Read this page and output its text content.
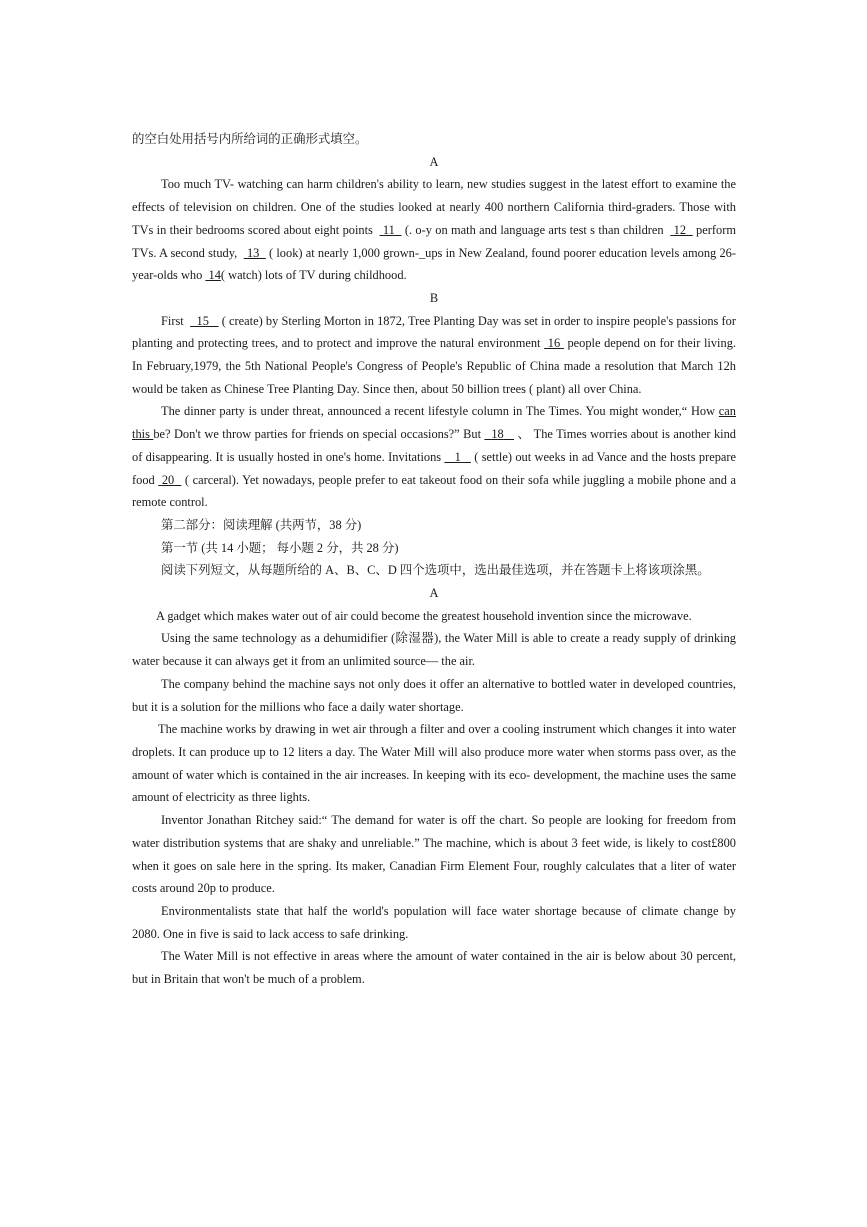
的空白处用括号内所给词的正确形式填空。

A

Too much TV- watching can harm children's ability to learn, new studies suggest in the latest effort to examine the effects of television on children. One of the studies looked at nearly 400 northern California third-graders. Those with TVs in their bedrooms scored about eight points   11   (. o-y on math and language arts test s than children   12   perform TVs. A second study,   13   ( look) at nearly 1,000 grown-_ups in New Zealand, found poorer education levels among 26- year-olds who  14( watch) lots of TV during childhood.

B

First    15    ( create) by Sterling Morton in 1872, Tree Planting Day was set in order to inspire people's passions for planting and protecting trees, and to protect and improve the natural environment  16  people depend on for their living. In February,1979, the 5th National People's Congress of People's Republic of China made a resolution that March 12h would be taken as Chinese Tree Planting Day. Since then, about 50 billion trees ( plant) all over China.

The dinner party is under threat, announced a recent lifestyle column in The Times. You might wonder,“ How can this be? Don't we throw parties for friends on special occasions?” But   18    、 The Times worries about is another kind of disappearing. It is usually hosted in one's home. Invitations    1    ( settle) out weeks in ad Vance and the hosts prepare food  20   ( carceral). Yet nowadays, people prefer to eat takeout food on their sofa while juggling a mobile phone and a remote control.

第二部分：阅读理解 (共两节，38 分)

第一节 (共 14 小题； 每小题 2 分，共 28 分)

阅读下列短文，从每题所给的 A、B、C、D 四个选项中，选出最佳选项，并在答题卡上将该项涂黑。

A

A gadget which makes water out of air could become the greatest household invention since the microwave.

Using the same technology as a dehumidifier (除湿器), the Water Mill is able to create a ready supply of drinking water because it can always get it from an unlimited source— the air.

The company behind the machine says not only does it offer an alternative to bottled water in developed countries, but it is a solution for the millions who face a daily water shortage.

The machine works by drawing in wet air through a filter and over a cooling instrument which changes it into water droplets. It can produce up to 12 liters a day. The Water Mill will also produce more water when storms pass over, as the amount of water which is contained in the air increases. In keeping with its eco- development, the machine uses the same amount of electricity as three lights.

Inventor Jonathan Ritchey said:“ The demand for water is off the chart. So people are looking for freedom from water distribution systems that are shaky and unreliable.” The machine, which is about 3 feet wide, is likely to cost£800 when it goes on sale here in the spring. Its maker, Canadian Firm Element Four, roughly calculates that a liter of water costs around 20p to produce.

Environmentalists state that half the world's population will face water shortage because of climate change by 2080. One in five is said to lack access to safe drinking.

The Water Mill is not effective in areas where the amount of water contained in the air is below about 30 percent, but in Britain that won't be much of a problem.
